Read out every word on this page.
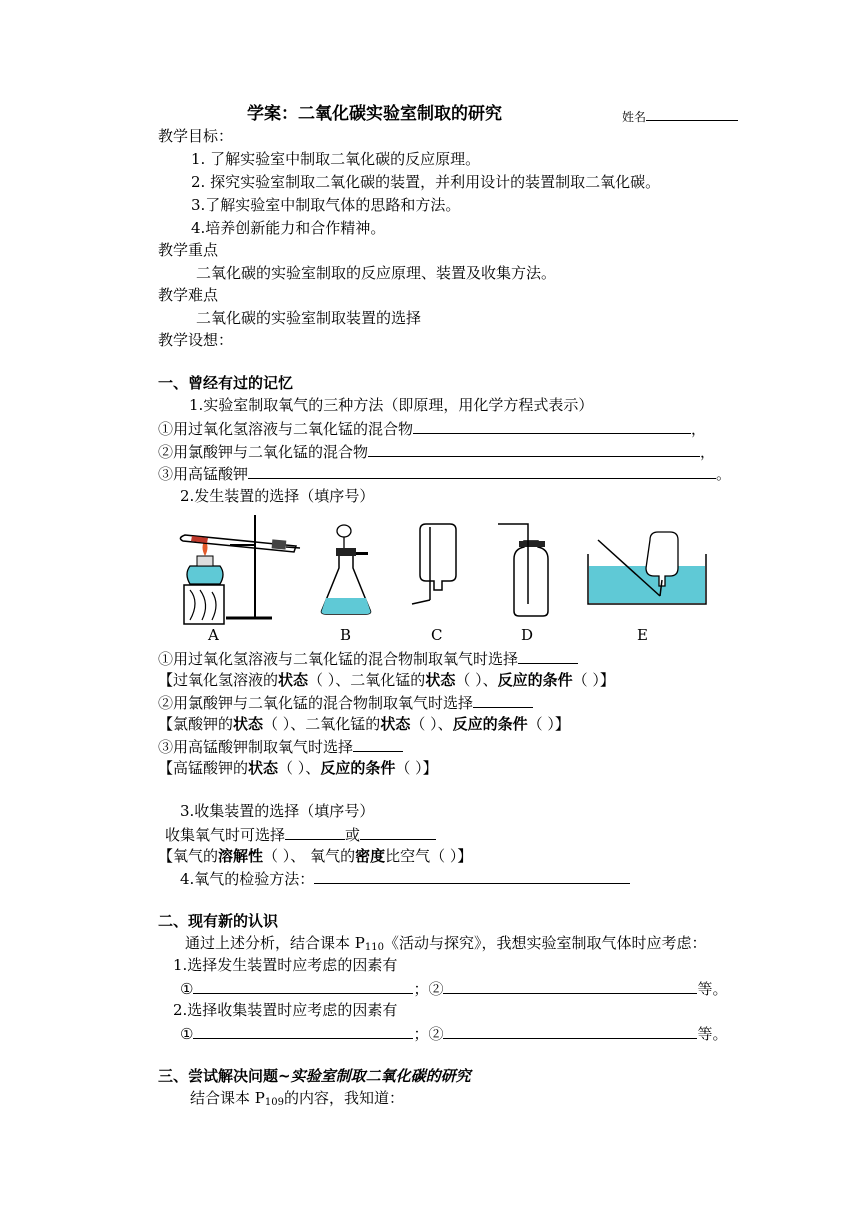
学案：二氧化碳实验室制取的研究	姓名
教学目标：
1. 了解实验室中制取二氧化碳的反应原理。
2. 探究实验室制取二氧化碳的装置，并利用设计的装置制取二氧化碳。
3.了解实验室中制取气体的思路和方法。
4.培养创新能力和合作精神。
教学重点
二氧化碳的实验室制取的反应原理、装置及收集方法。
教学难点
二氧化碳的实验室制取装置的选择
教学设想：
一、曾经有过的记忆
1.实验室制取氧气的三种方法（即原理，用化学方程式表示）
①用过氧化氢溶液与二氧化锰的混合物	，
②用氯酸钾与二氧化锰的混合物	，
③用高锰酸钾	。
2.发生装置的选择（填序号）
A	B	C	D	E
①用过氧化氢溶液与二氧化锰的混合物制取氧气时选择
【过氧化氢溶液的状态（ ）、二氧化锰的状态（ ）、反应的条件（ ）】
②用氯酸钾与二氧化锰的混合物制取氧气时选择
【氯酸钾的状态（ ）、二氧化锰的状态（ ）、反应的条件（ ）】
③用高锰酸钾制取氧气时选择
【高锰酸钾的状态（ ）、反应的条件（ ）】
3.收集装置的选择（填序号）
收集氧气时可选择	或
【氧气的溶解性（ ）、 氧气的密度比空气（ ）】
4.氧气的检验方法：
二、现有新的认识
通过上述分析，结合课本 $P_{110}$《活动与探究》，我想实验室制取气体时应考虑：
1.选择发生装置时应考虑的因素有
①	；②	等。
2.选择收集装置时应考虑的因素有
①	；②	等。
三、尝试解决问题~实验室制取二氧化碳的研究
结合课本 $P_{109}$的内容，我知道：
